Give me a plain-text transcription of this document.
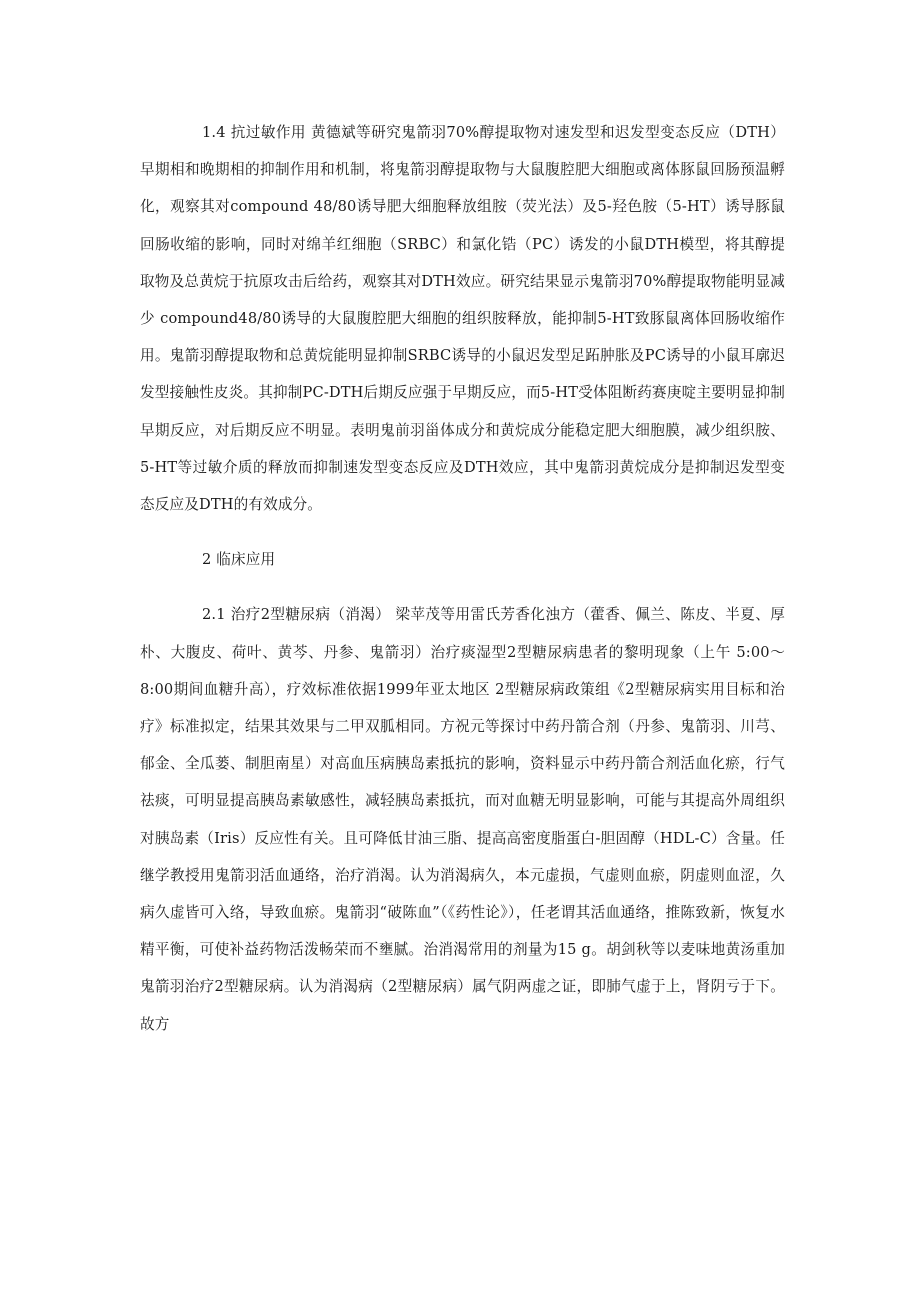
1.4 抗过敏作用 黄德斌等研究鬼箭羽70%醇提取物对速发型和迟发型变态反应（DTH）早期相和晚期相的抑制作用和机制，将鬼箭羽醇提取物与大鼠腹腔肥大细胞或离体豚鼠回肠预温孵化，观察其对compound 48/80诱导肥大细胞释放组胺（荧光法）及5-羟色胺（5-HT）诱导豚鼠回肠收缩的影响，同时对绵羊红细胞（SRBC）和氯化锆（PC）诱发的小鼠DTH模型，将其醇提取物及总黄烷于抗原攻击后给药，观察其对DTH效应。研究结果显示鬼箭羽70%醇提取物能明显减少 compound48/80诱导的大鼠腹腔肥大细胞的组织胺释放，能抑制5-HT致豚鼠离体回肠收缩作用。鬼箭羽醇提取物和总黄烷能明显抑制SRBC诱导的小鼠迟发型足跖肿胀及PC诱导的小鼠耳廓迟发型接触性皮炎。其抑制PC-DTH后期反应强于早期反应，而5-HT受体阻断药赛庚啶主要明显抑制早期反应，对后期反应不明显。表明鬼前羽甾体成分和黄烷成分能稳定肥大细胞膜，减少组织胺、5-HT等过敏介质的释放而抑制速发型变态反应及DTH效应，其中鬼箭羽黄烷成分是抑制迟发型变态反应及DTH的有效成分。

2 临床应用

2.1 治疗2型糖尿病（消渴） 梁苹茂等用雷氏芳香化浊方（藿香、佩兰、陈皮、半夏、厚朴、大腹皮、荷叶、黄芩、丹参、鬼箭羽）治疗痰湿型2型糖尿病患者的黎明现象（上午 5:00～8:00期间血糖升高），疗效标准依据1999年亚太地区 2型糖尿病政策组《2型糖尿病实用目标和治疗》标准拟定，结果其效果与二甲双胍相同。方祝元等探讨中药丹箭合剂（丹参、鬼箭羽、川芎、郁金、全瓜蒌、制胆南星）对高血压病胰岛素抵抗的影响，资料显示中药丹箭合剂活血化瘀，行气祛痰，可明显提高胰岛素敏感性，减轻胰岛素抵抗，而对血糖无明显影响，可能与其提高外周组织对胰岛素（Iris）反应性有关。且可降低甘油三脂、提高高密度脂蛋白-胆固醇（HDL-C）含量。任继学教授用鬼箭羽活血通络，治疗消渴。认为消渴病久，本元虚损，气虚则血瘀，阴虚则血涩，久病久虚皆可入络，导致血瘀。鬼箭羽“破陈血”（《药性论》），任老谓其活血通络，推陈致新，恢复水精平衡，可使补益药物活泼畅荣而不壅腻。治消渴常用的剂量为15 g。胡剑秋等以麦味地黄汤重加鬼箭羽治疗2型糖尿病。认为消渴病（2型糖尿病）属气阴两虚之证，即肺气虚于上，肾阴亏于下。故方
